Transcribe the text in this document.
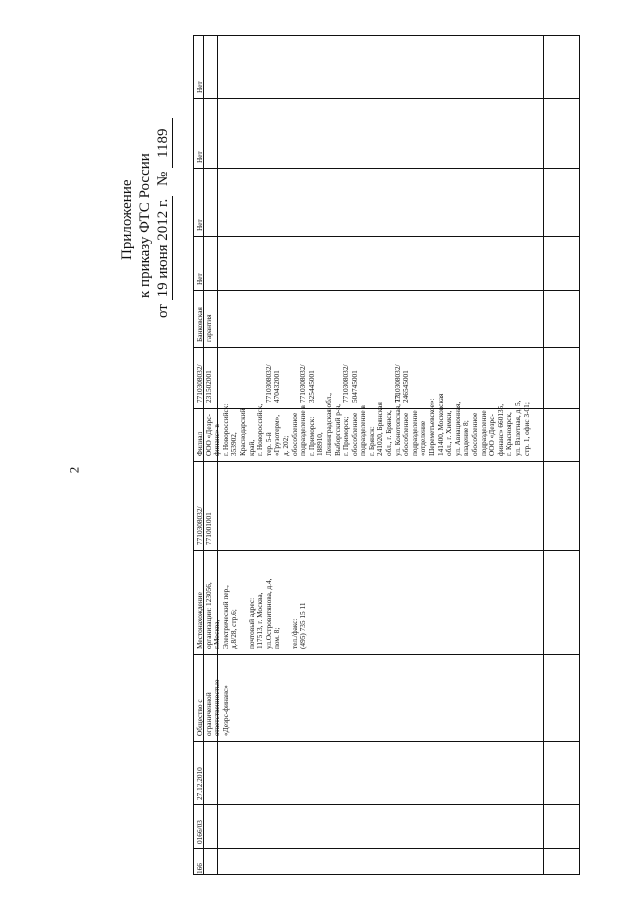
Приложение к приказу ФТС России
от 19 июня 2012 г. № 1189
2
166
0166/03
27.12.2010
Общество с
ограниченной
ответственностью
«Дезрс-финанс»
Местонахождение
организации: 123056,
г.Москва,
Электрический пер.,
д.8/28, стр.6;

почтовый адрес:
117513, г. Москва,
ул.Островитянова, д.4,
пом. 8;

тел./факс:
(495) 735 15 11
7710308032/
771001001
Филиал
ООО «Дезрс-
финанс» в
г. Новороссийск:
353902,
Краснодарский
край,
г. Новороссийск,
тер. 5-й
«Грузотерм»,
д. 202;
обособленное
подразделение в
г. Приморск:
188910,
Ленинградская обл.,
Выборгский р-н,
г. Приморск;
обособленное
подразделение в
г. Брянск:
241020, Брянская
обл., г. Брянск,
ул. Конотопская, 13;
обособленное
подразделение
«отделение
Шереметьевское»:
141400, Московская
обл., г. Химки,
ул. Авиационная,
владение 8;
обособленное
подразделение
ООО «Дезрс-
финанс» 660135,
г. Красноярск,
ул. Взлетная, д. 5,
стр. 1, офис 3-01;
7710308032/
231502001

7710308032/
470432001

7710308032/
325445001

7710308032/
504745001

7710308032/
246545001
Банковская
гарантия
Нет
Нет
Нет
Нет
